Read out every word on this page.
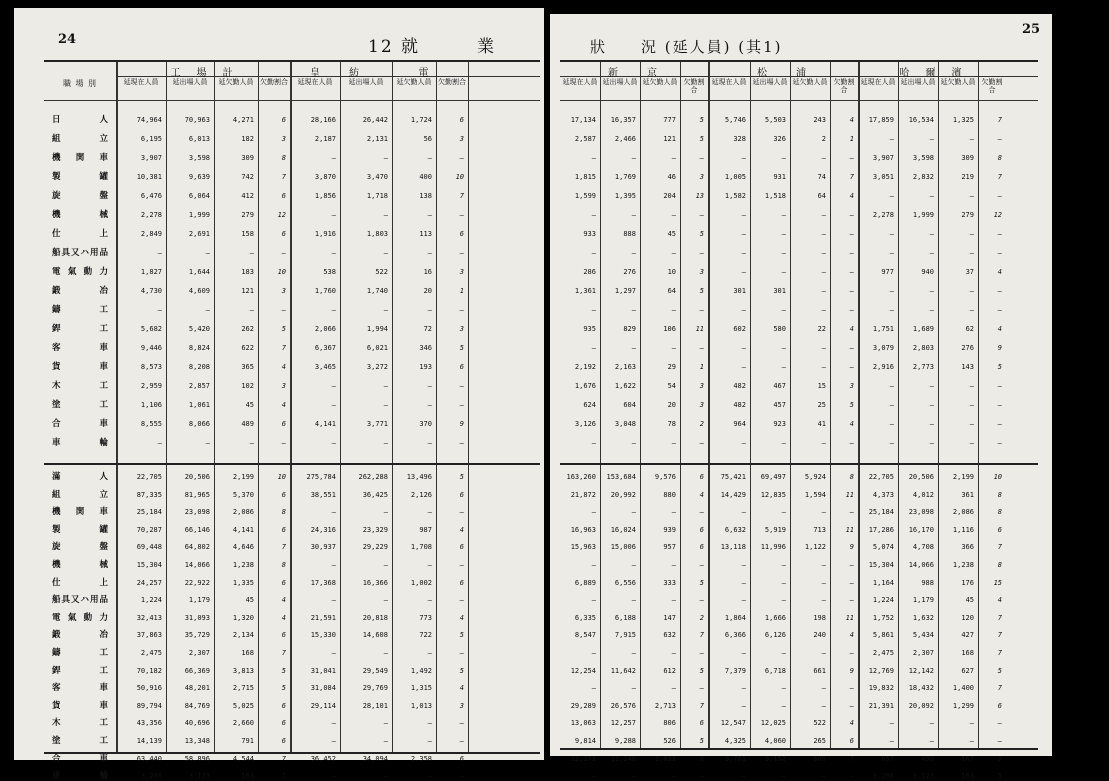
24	12 就　　　業
職 場 別
工　場　計	皇　　紡	電
延現在人員	延出場人員	延欠勤人員 欠勤割合	延現在人員	延出場人員	延欠勤人員 欠勤割合
日　人	74,964	70,963	4,271	6	28,166	26,442	1,724	6
組　立	6,195	6,013	182	3	2,187	2,131	56	3
機関車	3,907	3,598	309	8	—	—	—	—
製　罐	10,381	9,639	742	7	3,870	3,470	400	10
旋　盤	6,476	6,064	412	6	1,856	1,718	138	7
機　械	2,278	1,999	279	12	—	—	—	—
仕　上	2,849	2,691	158	6	1,916	1,803	113	6
船具又ハ用品	—	—	—	—	—	—	—	—
電氣動力	1,827	1,644	183	10	538	522	16	3
鍛　冶	4,730	4,609	121	3	1,760	1,740	20	1
鑄　工	—	—	—	—	—	—	—	—
銲　工	5,682	5,420	262	5	2,066	1,994	72	3
客　車	9,446	8,824	622	7	6,367	6,021	346	5
貨　車	8,573	8,208	365	4	3,465	3,272	193	6
木　工	2,959	2,857	102	3	—	—	—	—
塗　工	1,106	1,061	45	4	—	—	—	—
合　車	8,555	8,066	489	6	4,141	3,771	370	9
車　輪	—	—	—	—	—	—	—	—
滿　人	22,705	20,506	2,199	10	275,784	262,288	13,496	5
組　立	87,335	81,965	5,370	6	38,551	36,425	2,126	6
機関車	25,184	23,098	2,086	8	—	—	—	—
製　罐	70,287	66,146	4,141	6	24,316	23,329	987	4
旋　盤	69,448	64,802	4,646	7	30,937	29,229	1,708	6
機　械	15,304	14,066	1,238	8	—	—	—	—
仕　上	24,257	22,922	1,335	6	17,368	16,366	1,002	6
船具又ハ用品	1,224	1,179	45	4	—	—	—	—
電氣動力	32,413	31,093	1,320	4	21,591	20,818	773	4
鍛　冶	37,863	35,729	2,134	6	15,330	14,608	722	5
鑄　工	2,475	2,307	168	7	—	—	—	—
銲　工	70,182	66,369	3,813	5	31,041	29,549	1,492	5
客　車	50,916	48,201	2,715	5	31,084	29,769	1,315	4
貨　車	89,794	84,769	5,025	6	29,114	28,101	1,013	3
木　工	43,356	40,696	2,660	6	—	—	—	—
塗　工	14,139	13,348	791	6	—	—	—	—
合　車	63,440	58,896	4,544	7	36,452	34,094	2,358	6
車　輪	3,286	3,123	163	5	—	—	—	—
狀　　況 (延人員) (其1)
25
新　　京	松　　浦	哈　爾　濱
延現在人員 延出場人員 延欠勤人員 欠勤割合
延現在人員 延出場人員 延欠勤人員 欠勤割合
延現在人員 延出場人員 延欠勤人員 欠勤割合
17,134	16,357	777	5	5,746	5,503	243	4	17,859	16,534	1,325	7
2,587	2,466	121	5	328	326	2	1	—	—	—	—
—	—	—	—	—	—	—	—	3,907	3,598	309	8
1,815	1,769	46	3	1,005	931	74	7	3,051	2,832	219	7
1,599	1,395	204	13	1,582	1,518	64	4	—	—	—	—
—	—	—	—	—	—	—	—	2,278	1,999	279	12
933	888	45	5	—	—	—	—	—	—	—	—
—	—	—	—	—	—	—	—	—	—	—	—
286	276	10	3	—	—	—	—	977	940	37	4
1,361	1,297	64	5	301	301	—	—	—	—	—	—
—	—	—	—	—	—	—	—	—	—	—	—
935	829	106	11	602	580	22	4	1,751	1,689	62	4
—	—	—	—	—	—	—	—	3,079	2,803	276	9
2,192	2,163	29	1	—	—	—	—	2,916	2,773	143	5
1,676	1,622	54	3	482	467	15	3	—	—	—	—
624	604	20	3	482	457	25	5	—	—	—	—
3,126	3,048	78	2	964	923	41	4	—	—	—	—
—	—	—	—	—	—	—	—	—	—	—	—
163,260	153,684	9,576	6	75,421	69,497	5,924	8	22,705	20,506	2,199	10
21,872	20,992	880	4	14,429	12,835	1,594	11	4,373	4,012	361	8
—	—	—	—	—	—	—	—	25,184	23,098	2,086	8
16,963	16,024	939	6	6,632	5,919	713	11	17,286	16,170	1,116	6
15,963	15,006	957	6	13,118	11,996	1,122	9	5,074	4,708	366	7
—	—	—	—	—	—	—	—	15,304	14,066	1,238	8
6,889	6,556	333	5	—	—	—	—	1,164	988	176	15
—	—	—	—	—	—	—	—	1,224	1,179	45	4
6,335	6,188	147	2	1,864	1,666	198	11	1,752	1,632	120	7
8,547	7,915	632	7	6,366	6,126	240	4	5,861	5,434	427	7
—	—	—	—	—	—	—	—	2,475	2,307	168	7
12,254	11,642	612	5	7,379	6,718	661	9	12,769	12,142	627	5
—	—	—	—	—	—	—	—	19,832	18,432	1,400	7
29,289	26,576	2,713	7	—	—	—	—	21,391	20,092	1,299	6
13,063	12,257	806	6	12,547	12,025	522	4	—	—	—	—
9,814	9,288	526	5	4,325	4,060	265	6	—	—	—	—
12,271	11,240	1,031	8	8,761	8,152	609	7	657	490	167	3
—	—	—	—	—	—	—	—	3,286	3,123	163	5
